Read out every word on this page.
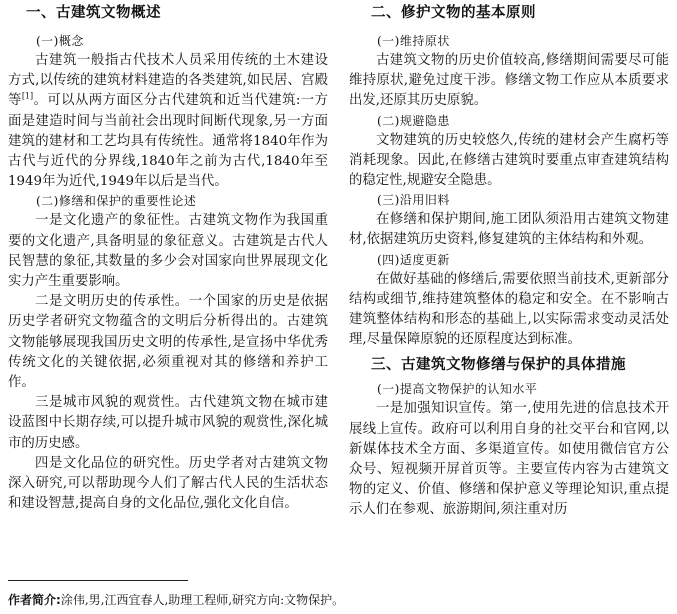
一、古建筑文物概述
(一)概念

古建筑一般指古代技术人员采用传统的土木建设方式,以传统的建筑材料建造的各类建筑,如民居、宫殿等[1]。可以从两方面区分古代建筑和近当代建筑:一方面是建造时间与当前社会出现时间断代现象,另一方面建筑的建材和工艺均具有传统性。通常将1840年作为古代与近代的分界线,1840年之前为古代,1840年至1949年为近代,1949年以后是当代。

(二)修缮和保护的重要性论述

一是文化遗产的象征性。古建筑文物作为我国重要的文化遗产,具备明显的象征意义。古建筑是古代人民智慧的象征,其数量的多少会对国家向世界展现文化实力产生重要影响。

二是文明历史的传承性。一个国家的历史是依据历史学者研究文物蕴含的文明后分析得出的。古建筑文物能够展现我国历史文明的传承性,是宣扬中华优秀传统文化的关键依据,必须重视对其的修缮和养护工作。

三是城市风貌的观赏性。古代建筑文物在城市建设蓝图中长期存续,可以提升城市风貌的观赏性,深化城市的历史感。

四是文化品位的研究性。历史学者对古建筑文物深入研究,可以帮助现今人们了解古代人民的生活状态和建设智慧,提高自身的文化品位,强化文化自信。

二、修护文物的基本原则
(一)维持原状

古建筑文物的历史价值较高,修缮期间需要尽可能维持原状,避免过度干涉。修缮文物工作应从本质要求出发,还原其历史原貌。

(二)规避隐患

文物建筑的历史较悠久,传统的建材会产生腐朽等消耗现象。因此,在修缮古建筑时要重点审查建筑结构的稳定性,规避安全隐患。

(三)沿用旧料

在修缮和保护期间,施工团队须沿用古建筑文物建材,依据建筑历史资料,修复建筑的主体结构和外观。

(四)适度更新

在做好基础的修缮后,需要依照当前技术,更新部分结构或细节,维持建筑整体的稳定和安全。在不影响古建筑整体结构和形态的基础上,以实际需求变动灵活处理,尽量保障原貌的还原程度达到标准。

三、古建筑文物修缮与保护的具体措施
(一)提高文物保护的认知水平

一是加强知识宣传。第一,使用先进的信息技术开展线上宣传。政府可以利用自身的社交平台和官网,以新媒体技术全方面、多渠道宣传。如使用微信官方公众号、短视频开屏首页等。主要宣传内容为古建筑文物的定义、价值、修缮和保护意义等理论知识,重点提示人们在参观、旅游期间,须注重对历

作者简介:涂伟,男,江西宜春人,助理工程师,研究方向:文物保护。
